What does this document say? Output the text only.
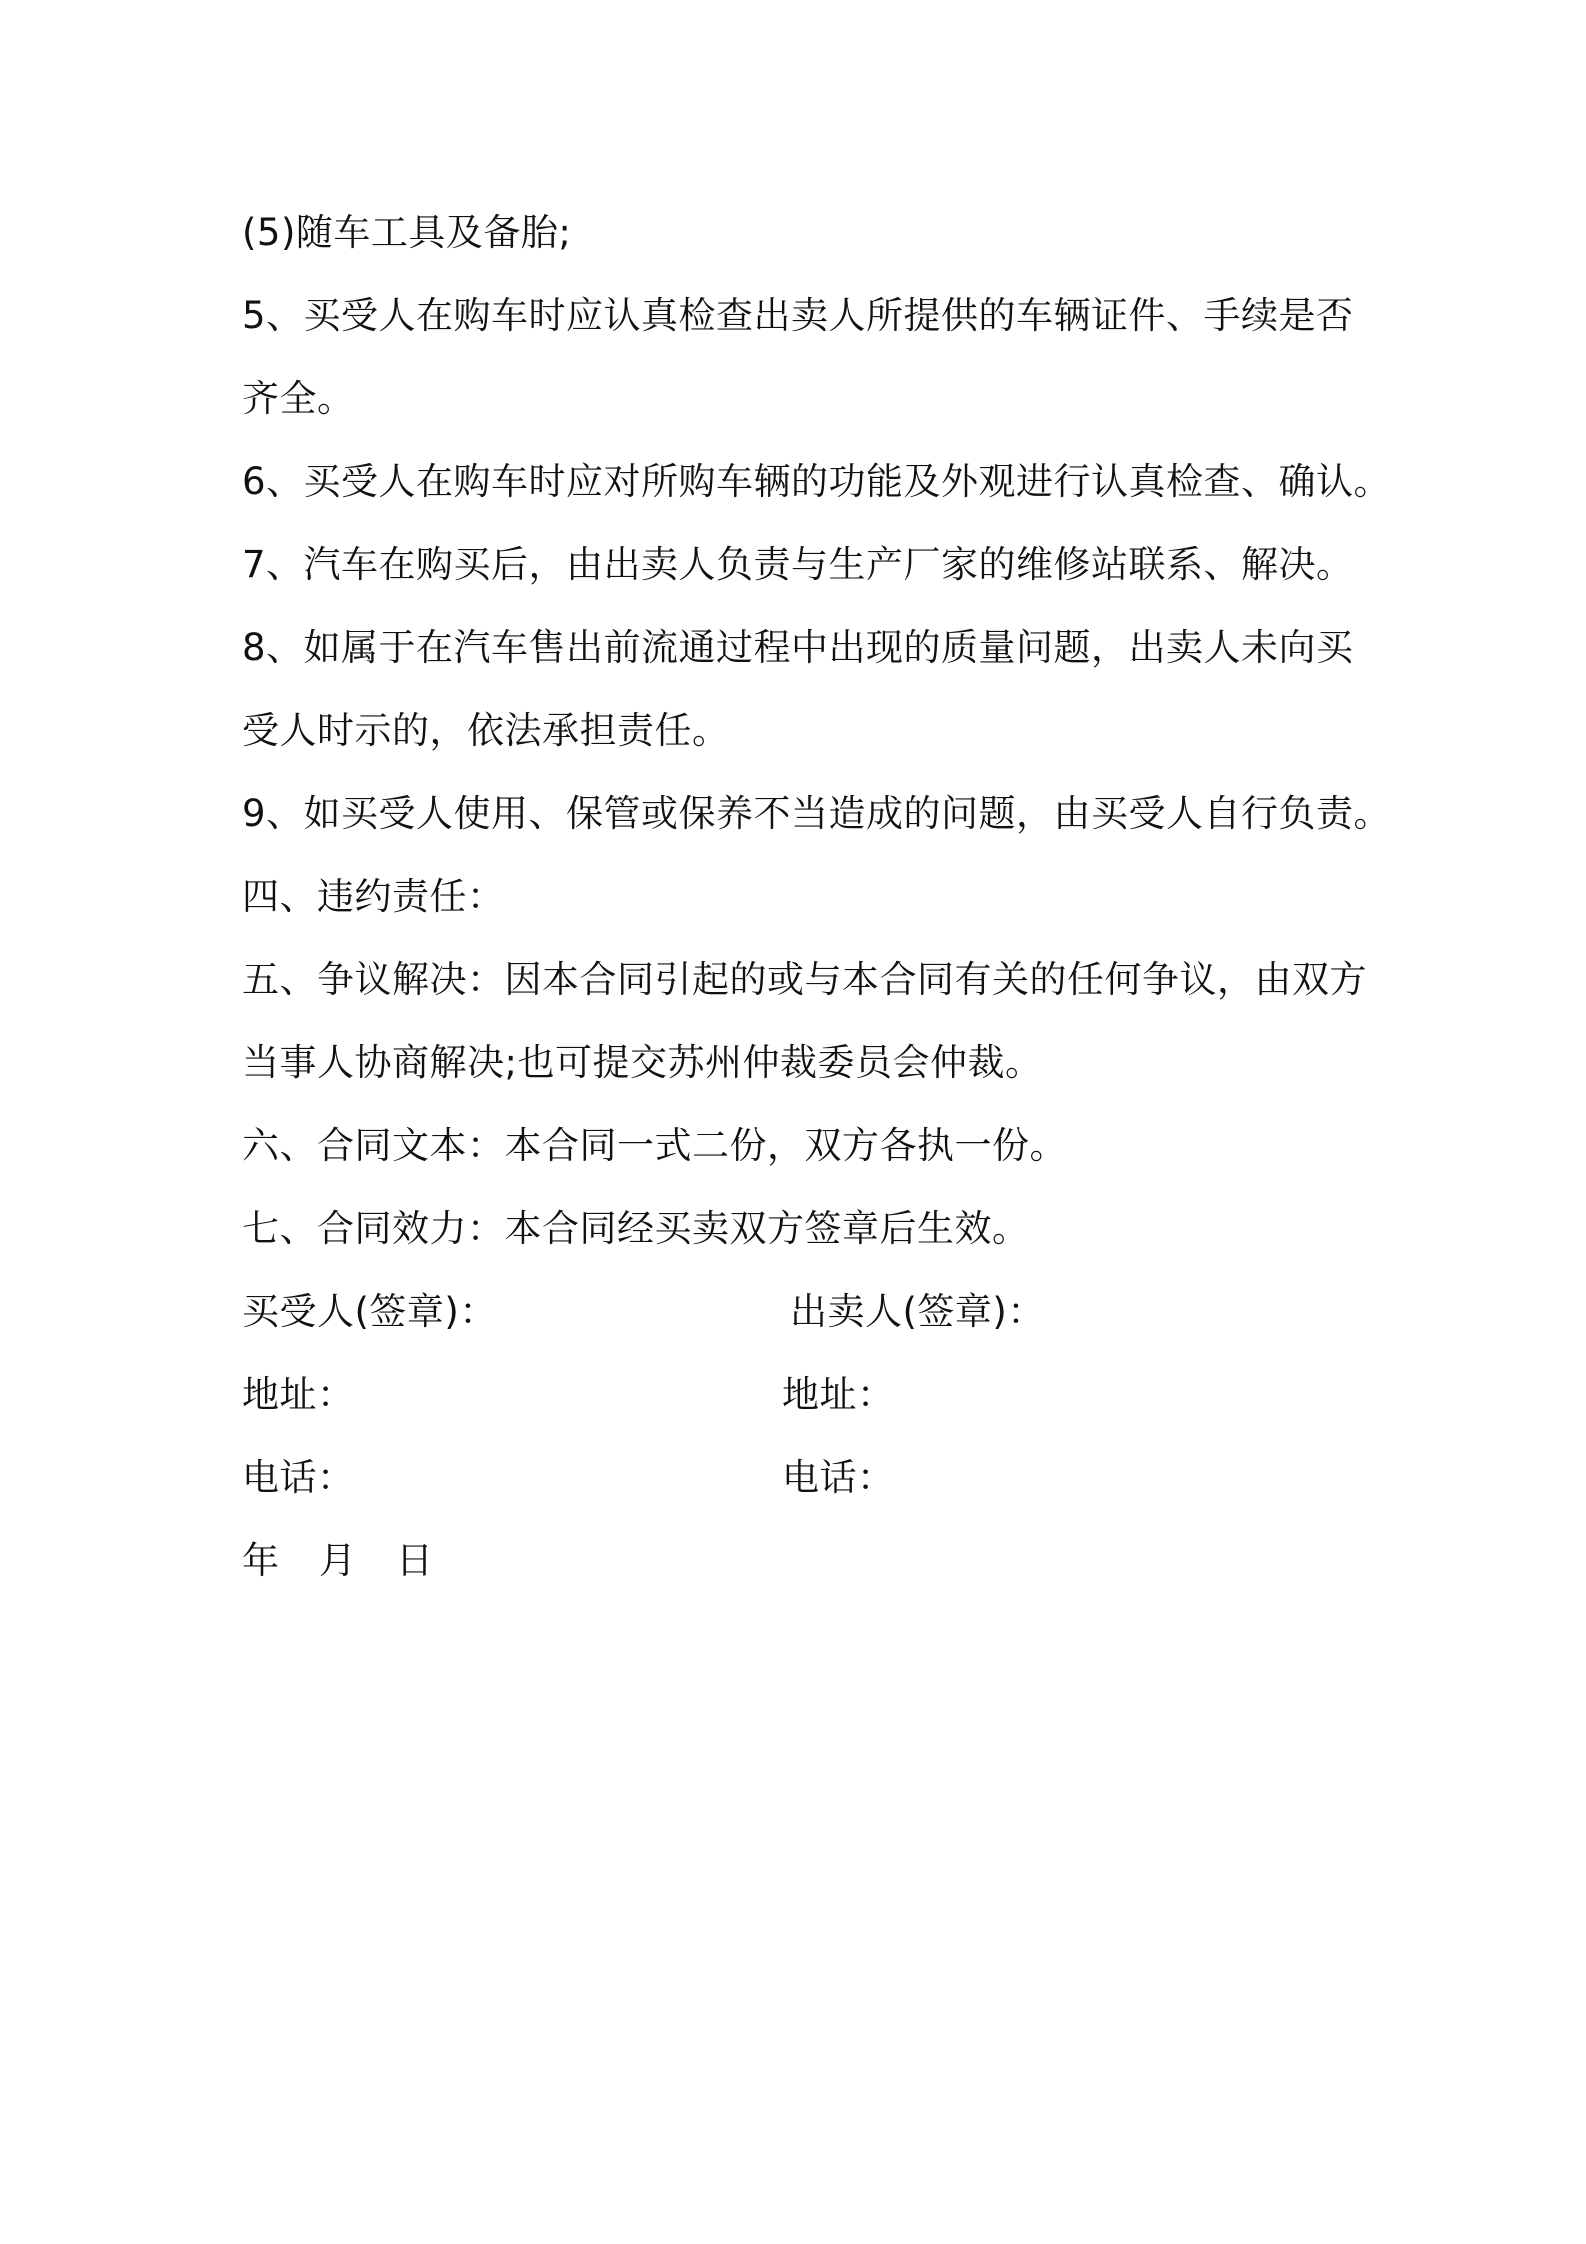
(5)随车工具及备胎;
5、买受人在购车时应认真检查出卖人所提供的车辆证件、手续是否
齐全。
6、买受人在购车时应对所购车辆的功能及外观进行认真检查、确认。
7、汽车在购买后，由出卖人负责与生产厂家的维修站联系、解决。
8、如属于在汽车售出前流通过程中出现的质量问题，出卖人未向买
受人时示的，依法承担责任。
9、如买受人使用、保管或保养不当造成的问题，由买受人自行负责。
四、违约责任：
五、争议解决：因本合同引起的或与本合同有关的任何争议，由双方
当事人协商解决;也可提交苏州仲裁委员会仲裁。
六、合同文本：本合同一式二份，双方各执一份。
七、合同效力：本合同经买卖双方签章后生效。
买受人(签章)：	出卖人(签章)：
地址：	地址：
电话：	电话：
年 月 日
